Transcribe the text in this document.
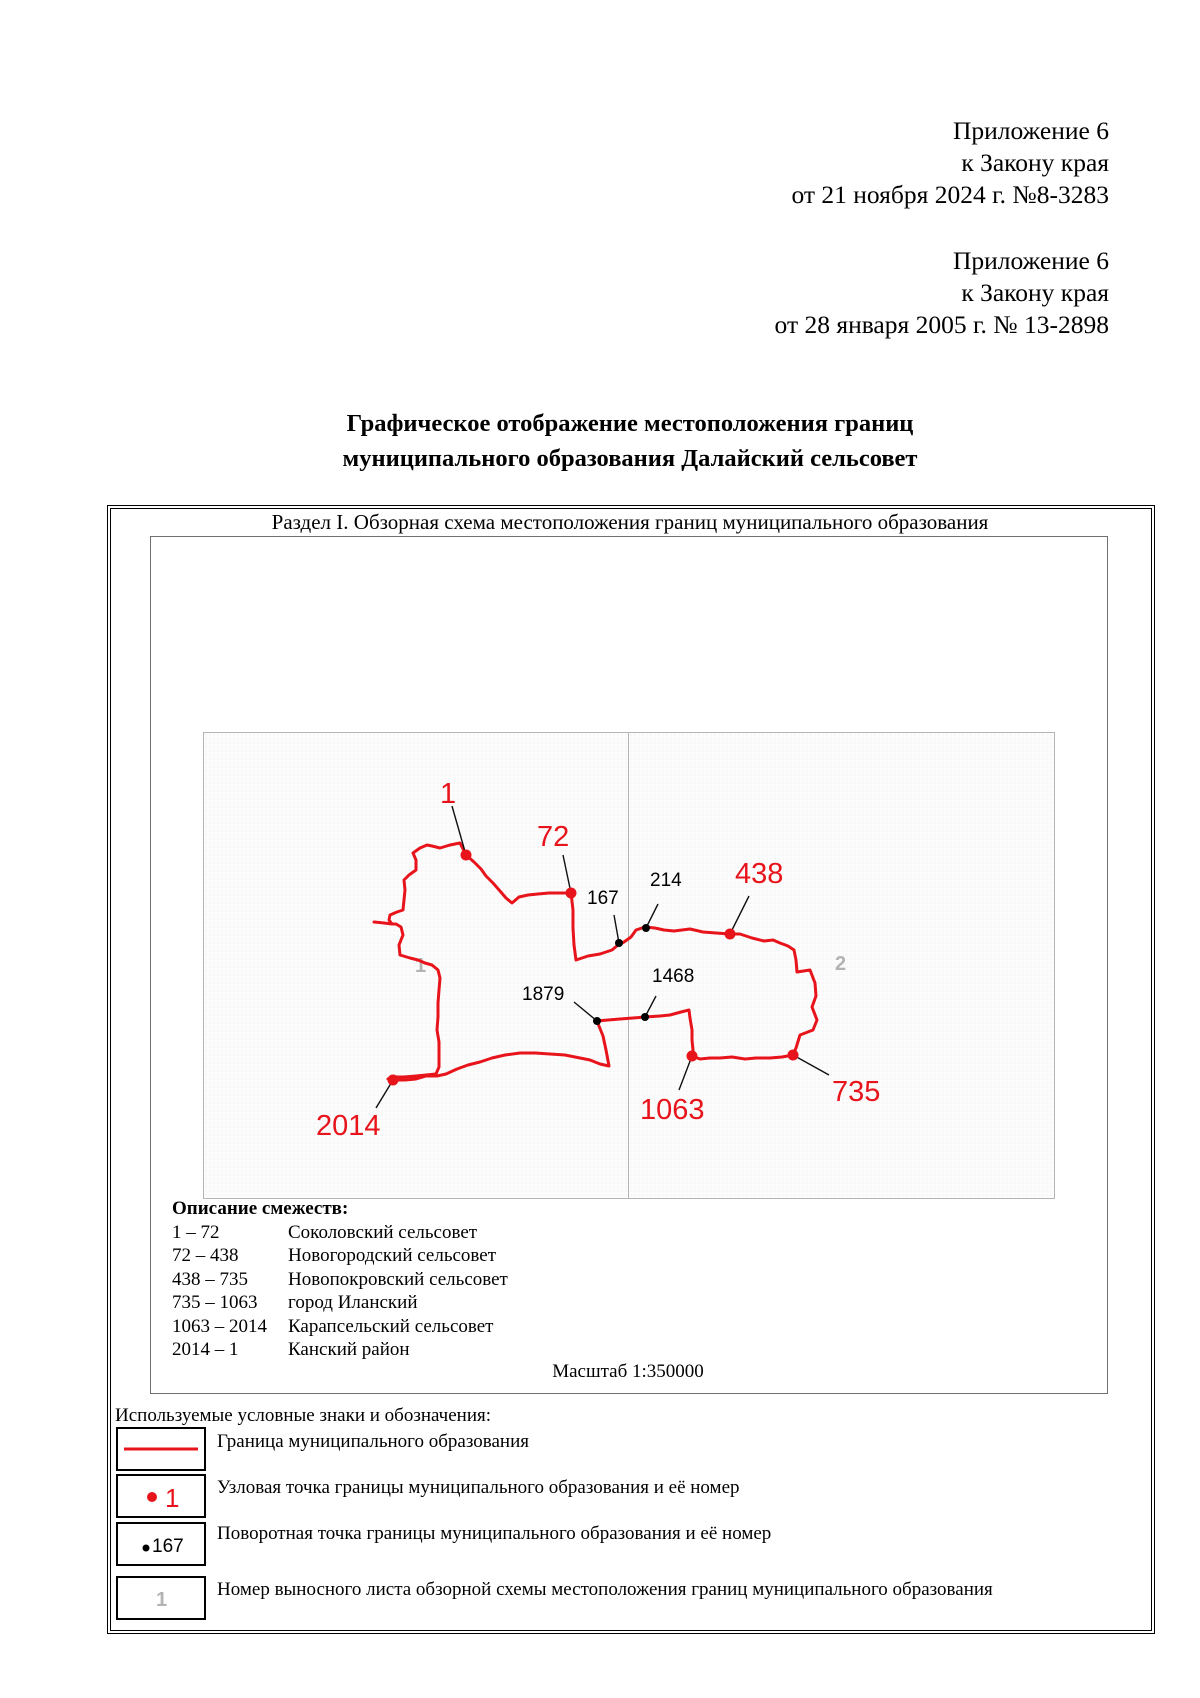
Приложение 6
к Закону края
от 21 ноября 2024 г. №8-3283
Приложение 6
к Закону края
от 28 января 2005 г. № 13-2898
Графическое отображение местоположения границ
муниципального образования Далайский сельсовет
Раздел I. Обзорная схема местоположения границ муниципального образования
1	2
1
72
438
735
1063
2014
167
214
1468
1879
Описание смежеств:
1 – 72	Соколовский сельсовет
72 – 438	Новогородский сельсовет
438 – 735	Новопокровский сельсовет
735 – 1063	город Иланский
1063 – 2014	Карапсельский сельсовет
2014 – 1	Канский район
Масштаб 1:350000
Используемые условные знаки и обозначения:
Граница муниципального образования
1 Узловая точка границы муниципального образования и её номер
167
Поворотная точка границы муниципального образования и её номер
1	Номер выносного листа обзорной схемы местоположения границ муниципального образования
